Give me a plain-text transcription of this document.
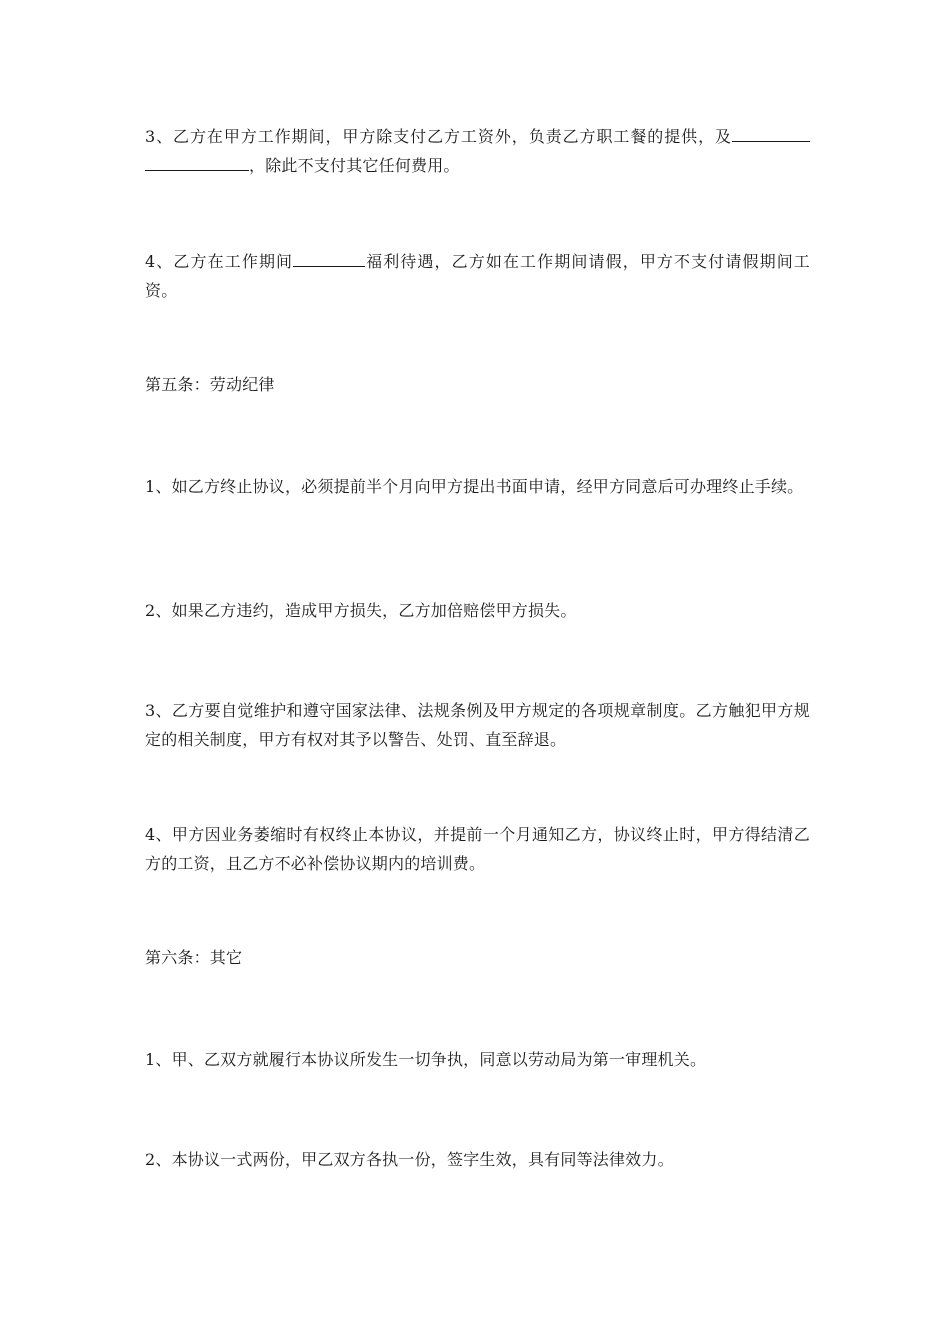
3、乙方在甲方工作期间，甲方除支付乙方工资外，负责乙方职工餐的提供，及，除此不支付其它任何费用。

4、乙方在工作期间	福利待遇，乙方如在工作期间请假，甲方不支付请假期间工资。

第五条：劳动纪律

1、如乙方终止协议，必须提前半个月向甲方提出书面申请，经甲方同意后可办理终止手续。

2、如果乙方违约，造成甲方损失，乙方加倍赔偿甲方损失。

3、乙方要自觉维护和遵守国家法律、法规条例及甲方规定的各项规章制度。乙方触犯甲方规定的相关制度，甲方有权对其予以警告、处罚、直至辞退。

4、甲方因业务萎缩时有权终止本协议，并提前一个月通知乙方，协议终止时，甲方得结清乙方的工资，且乙方不必补偿协议期内的培训费。

第六条：其它

1、甲、乙双方就履行本协议所发生一切争执，同意以劳动局为第一审理机关。

2、本协议一式两份，甲乙双方各执一份，签字生效，具有同等法律效力。
